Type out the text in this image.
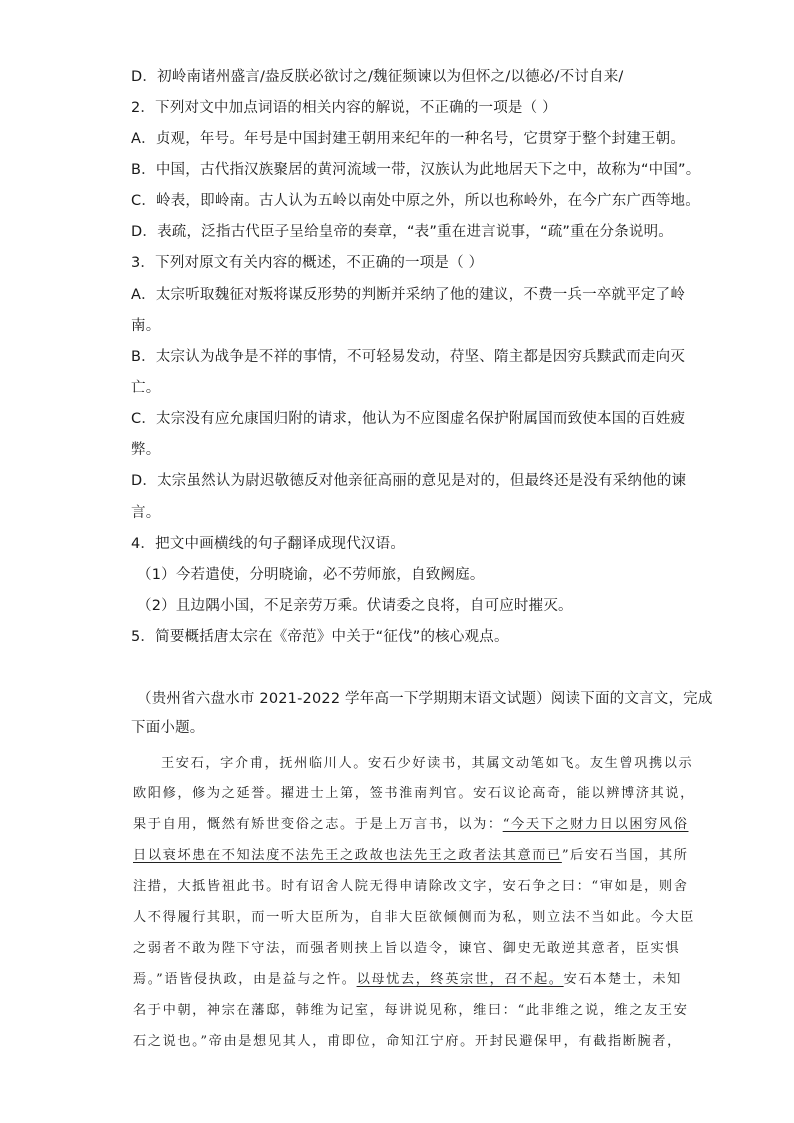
D．初岭南诸州盛言/盎反朕必欲讨之/魏征频谏以为但怀之/以德必/不讨自来/
2．下列对文中加点词语的相关内容的解说，不正确的一项是（ ）
A．贞观，年号。年号是中国封建王朝用来纪年的一种名号，它贯穿于整个封建王朝。
B．中国，古代指汉族聚居的黄河流域一带，汉族认为此地居天下之中，故称为“中国”。
C．岭表，即岭南。古人认为五岭以南处中原之外，所以也称岭外，在今广东广西等地。
D．表疏，泛指古代臣子呈给皇帝的奏章，“表”重在进言说事，“疏”重在分条说明。
3．下列对原文有关内容的概述，不正确的一项是（ ）
A．太宗听取魏征对叛将谋反形势的判断并采纳了他的建议，不费一兵一卒就平定了岭
南。
B．太宗认为战争是不祥的事情，不可轻易发动，苻坚、隋主都是因穷兵黩武而走向灭
亡。
C．太宗没有应允康国归附的请求，他认为不应图虚名保护附属国而致使本国的百姓疲
弊。
D．太宗虽然认为尉迟敬德反对他亲征高丽的意见是对的，但最终还是没有采纳他的谏
言。
4．把文中画横线的句子翻译成现代汉语。
（1）今若遣使，分明晓谕，必不劳师旅，自致阙庭。
（2）且边隅小国，不足亲劳万乘。伏请委之良将，自可应时摧灭。
5．简要概括唐太宗在《帝范》中关于“征伐”的核心观点。
（贵州省六盘水市 2021-2022 学年高一下学期期末语文试题）阅读下面的文言文，完成
下面小题。
王安石，字介甫，抚州临川人。安石少好读书，其属文动笔如飞。友生曾巩携以示
欧阳修，修为之延誉。擢进士上第，签书淮南判官。安石议论高奇，能以辨博济其说，
果于自用，慨然有矫世变俗之志。于是上万言书，以为：“今天下之财力日以困穷风俗
日以衰坏患在不知法度不法先王之政故也法先王之政者法其意而已”后安石当国，其所
注措，大抵皆祖此书。时有诏舍人院无得申请除改文字，安石争之曰：“审如是，则舍
人不得履行其职，而一听大臣所为，自非大臣欲倾侧而为私，则立法不当如此。今大臣
之弱者不敢为陛下守法，而强者则挟上旨以造令，谏官、御史无敢逆其意者，臣实惧
焉。”语皆侵执政，由是益与之忤。以母忧去，终英宗世，召不起。安石本楚士，未知
名于中朝，神宗在藩邸，韩维为记室，每讲说见称，维曰：“此非维之说，维之友王安
石之说也。”帝由是想见其人，甫即位，命知江宁府。开封民避保甲，有截指断腕者，
